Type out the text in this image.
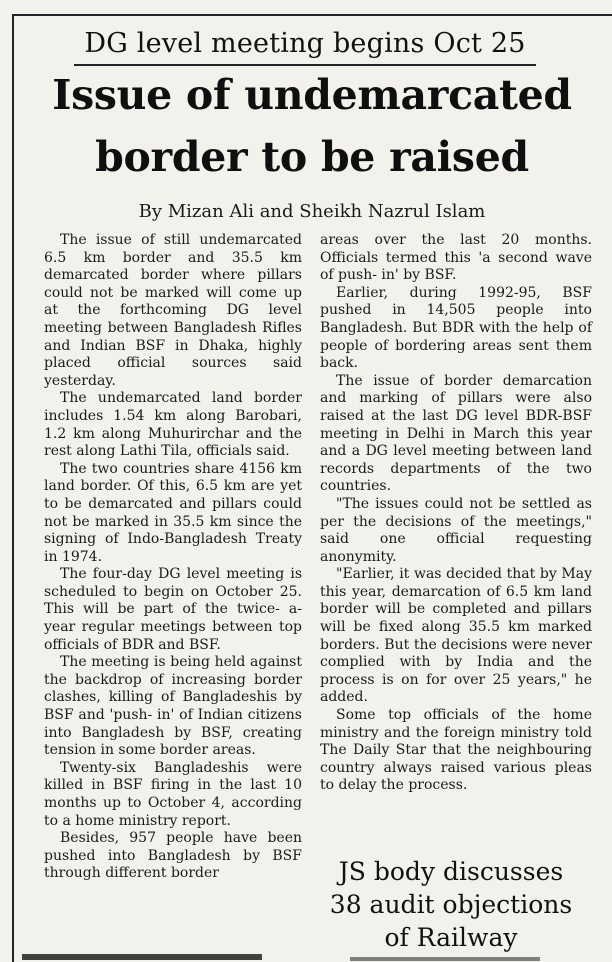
DG level meeting begins Oct 25
Issue of undemarcated
border to be raised
By Mizan Ali and Sheikh Nazrul Islam

The issue of still undemarcated 6.5 km border and 35.5 km demarcated border where pillars could not be marked will come up at the forthcoming DG level meeting between Bangladesh Rifles and Indian BSF in Dhaka, highly placed official sources said yesterday.

The undemarcated land border includes 1.54 km along Barobari, 1.2 km along Muhurirchar and the rest along Lathi Tila, officials said.

The two countries share 4156 km land border. Of this, 6.5 km are yet to be demarcated and pillars could not be marked in 35.5 km since the signing of Indo-Bangladesh Treaty in 1974.

The four-day DG level meeting is scheduled to begin on October 25. This will be part of the twice- a- year regular meetings between top officials of BDR and BSF.

The meeting is being held against the backdrop of increasing border clashes, killing of Bangladeshis by BSF and 'push- in' of Indian citizens into Bangladesh by BSF, creating tension in some border areas.

Twenty-six Bangladeshis were killed in BSF firing in the last 10 months up to October 4, according to a home ministry report.

Besides, 957 people have been pushed into Bangladesh by BSF through different border

areas over the last 20 months. Officials termed this 'a second wave of push- in' by BSF.

Earlier, during 1992-95, BSF pushed in 14,505 people into Bangladesh. But BDR with the help of people of bordering areas sent them back.

The issue of border demarcation and marking of pillars were also raised at the last DG level BDR-BSF meeting in Delhi in March this year and a DG level meeting between land records departments of the two countries.

"The issues could not be settled as per the decisions of the meetings," said one official requesting anonymity.

"Earlier, it was decided that by May this year, demarcation of 6.5 km land border will be completed and pillars will be fixed along 35.5 km marked borders. But the decisions were never complied with by India and the process is on for over 25 years," he added.

Some top officials of the home ministry and the foreign ministry told The Daily Star that the neighbouring country always raised various pleas to delay the process.

JS body discusses
38 audit objections
of Railway
